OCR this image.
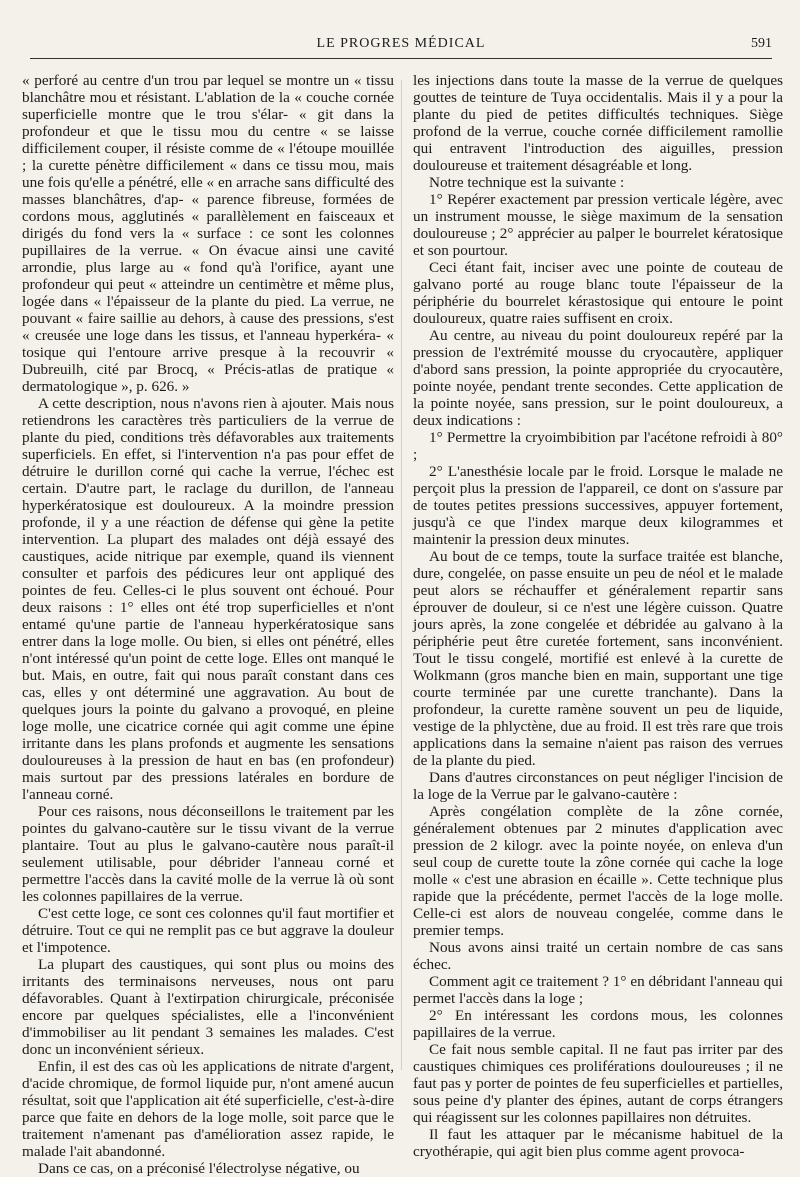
LE PROGRES MÉDICAL	591

« perforé au centre d'un trou par lequel se montre un « tissu blanchâtre mou et résistant. L'ablation de la « couche cornée superficielle montre que le trou s'élar- « git dans la profondeur et que le tissu mou du centre « se laisse difficilement couper, il résiste comme de « l'étoupe mouillée ; la curette pénètre difficilement « dans ce tissu mou, mais une fois qu'elle a pénétré, elle « en arrache sans difficulté des masses blanchâtres, d'ap- « parence fibreuse, formées de cordons mous, agglutinés « parallèlement en faisceaux et dirigés du fond vers la « surface : ce sont les colonnes pupillaires de la verrue. « On évacue ainsi une cavité arrondie, plus large au « fond qu'à l'orifice, ayant une profondeur qui peut « atteindre un centimètre et même plus, logée dans « l'épaisseur de la plante du pied. La verrue, ne pouvant « faire saillie au dehors, à cause des pressions, s'est « creusée une loge dans les tissus, et l'anneau hyperkéra- « tosique qui l'entoure arrive presque à la recouvrir « Dubreuilh, cité par Brocq, « Précis-atlas de pratique « dermatologique », p. 626. »

A cette description, nous n'avons rien à ajouter. Mais nous retiendrons les caractères très particuliers de la verrue de plante du pied, conditions très défavorables aux traitements superficiels. En effet, si l'intervention n'a pas pour effet de détruire le durillon corné qui cache la verrue, l'échec est certain. D'autre part, le raclage du durillon, de l'anneau hyperkératosique est douloureux. A la moindre pression profonde, il y a une réaction de défense qui gène la petite intervention. La plupart des malades ont déjà essayé des caustiques, acide nitrique par exemple, quand ils viennent consulter et parfois des pédicures leur ont appliqué des pointes de feu. Celles-ci le plus souvent ont échoué. Pour deux raisons : 1° elles ont été trop superficielles et n'ont entamé qu'une partie de l'anneau hyperkératosique sans entrer dans la loge molle. Ou bien, si elles ont pénétré, elles n'ont intéressé qu'un point de cette loge. Elles ont manqué le but. Mais, en outre, fait qui nous paraît constant dans ces cas, elles y ont déterminé une aggravation. Au bout de quelques jours la pointe du galvano a provoqué, en pleine loge molle, une cicatrice cornée qui agit comme une épine irritante dans les plans profonds et augmente les sensations douloureuses à la pression de haut en bas (en profondeur) mais surtout par des pressions latérales en bordure de l'anneau corné.

Pour ces raisons, nous déconseillons le traitement par les pointes du galvano-cautère sur le tissu vivant de la verrue plantaire. Tout au plus le galvano-cautère nous paraît-il seulement utilisable, pour débrider l'anneau corné et permettre l'accès dans la cavité molle de la verrue là où sont les colonnes papillaires de la verrue.

C'est cette loge, ce sont ces colonnes qu'il faut mortifier et détruire. Tout ce qui ne remplit pas ce but aggrave la douleur et l'impotence.

La plupart des caustiques, qui sont plus ou moins des irritants des terminaisons nerveuses, nous ont paru défavorables. Quant à l'extirpation chirurgicale, préconisée encore par quelques spécialistes, elle a l'inconvénient d'immobiliser au lit pendant 3 semaines les malades. C'est donc un inconvénient sérieux.

Enfin, il est des cas où les applications de nitrate d'argent, d'acide chromique, de formol liquide pur, n'ont amené aucun résultat, soit que l'application ait été superficielle, c'est-à-dire parce que faite en dehors de la loge molle, soit parce que le traitement n'amenant pas d'amélioration assez rapide, le malade l'ait abandonné.

Dans ce cas, on a préconisé l'électrolyse négative, ou

les injections dans toute la masse de la verrue de quelques gouttes de teinture de Tuya occidentalis. Mais il y a pour la plante du pied de petites difficultés techniques. Siège profond de la verrue, couche cornée difficilement ramollie qui entravent l'introduction des aiguilles, pression douloureuse et traitement désagréable et long.

Notre technique est la suivante :

1° Repérer exactement par pression verticale légère, avec un instrument mousse, le siège maximum de la sensation douloureuse ; 2° apprécier au palper le bourrelet kératosique et son pourtour.

Ceci étant fait, inciser avec une pointe de couteau de galvano porté au rouge blanc toute l'épaisseur de la périphérie du bourrelet kérastosique qui entoure le point douloureux, quatre raies suffisent en croix.

Au centre, au niveau du point douloureux repéré par la pression de l'extrémité mousse du cryocautère, appliquer d'abord sans pression, la pointe appropriée du cryocautère, pointe noyée, pendant trente secondes. Cette application de la pointe noyée, sans pression, sur le point douloureux, a deux indications :

1° Permettre la cryoimbibition par l'acétone refroidi à 80° ;

2° L'anesthésie locale par le froid. Lorsque le malade ne perçoit plus la pression de l'appareil, ce dont on s'assure par de toutes petites pressions successives, appuyer fortement, jusqu'à ce que l'index marque deux kilogrammes et maintenir la pression deux minutes.

Au bout de ce temps, toute la surface traitée est blanche, dure, congelée, on passe ensuite un peu de néol et le malade peut alors se réchauffer et généralement repartir sans éprouver de douleur, si ce n'est une légère cuisson. Quatre jours après, la zone congelée et débridée au galvano à la périphérie peut être curetée fortement, sans inconvénient. Tout le tissu congelé, mortifié est enlevé à la curette de Wolkmann (gros manche bien en main, supportant une tige courte terminée par une curette tranchante). Dans la profondeur, la curette ramène souvent un peu de liquide, vestige de la phlyctène, due au froid. Il est très rare que trois applications dans la semaine n'aient pas raison des verrues de la plante du pied.

Dans d'autres circonstances on peut négliger l'incision de la loge de la Verrue par le galvano-cautère :

Après congélation complète de la zône cornée, généralement obtenues par 2 minutes d'application avec pression de 2 kilogr. avec la pointe noyée, on enleva d'un seul coup de curette toute la zône cornée qui cache la loge molle « c'est une abrasion en écaille ». Cette technique plus rapide que la précédente, permet l'accès de la loge molle. Celle-ci est alors de nouveau congelée, comme dans le premier temps.

Nous avons ainsi traité un certain nombre de cas sans échec.

Comment agit ce traitement ? 1° en débridant l'anneau qui permet l'accès dans la loge ;

2° En intéressant les cordons mous, les colonnes papillaires de la verrue.

Ce fait nous semble capital. Il ne faut pas irriter par des caustiques chimiques ces proliférations douloureuses ; il ne faut pas y porter de pointes de feu superficielles et partielles, sous peine d'y planter des épines, autant de corps étrangers qui réagissent sur les colonnes papillaires non détruites.

Il faut les attaquer par le mécanisme habituel de la cryothérapie, qui agit bien plus comme agent provoca-
